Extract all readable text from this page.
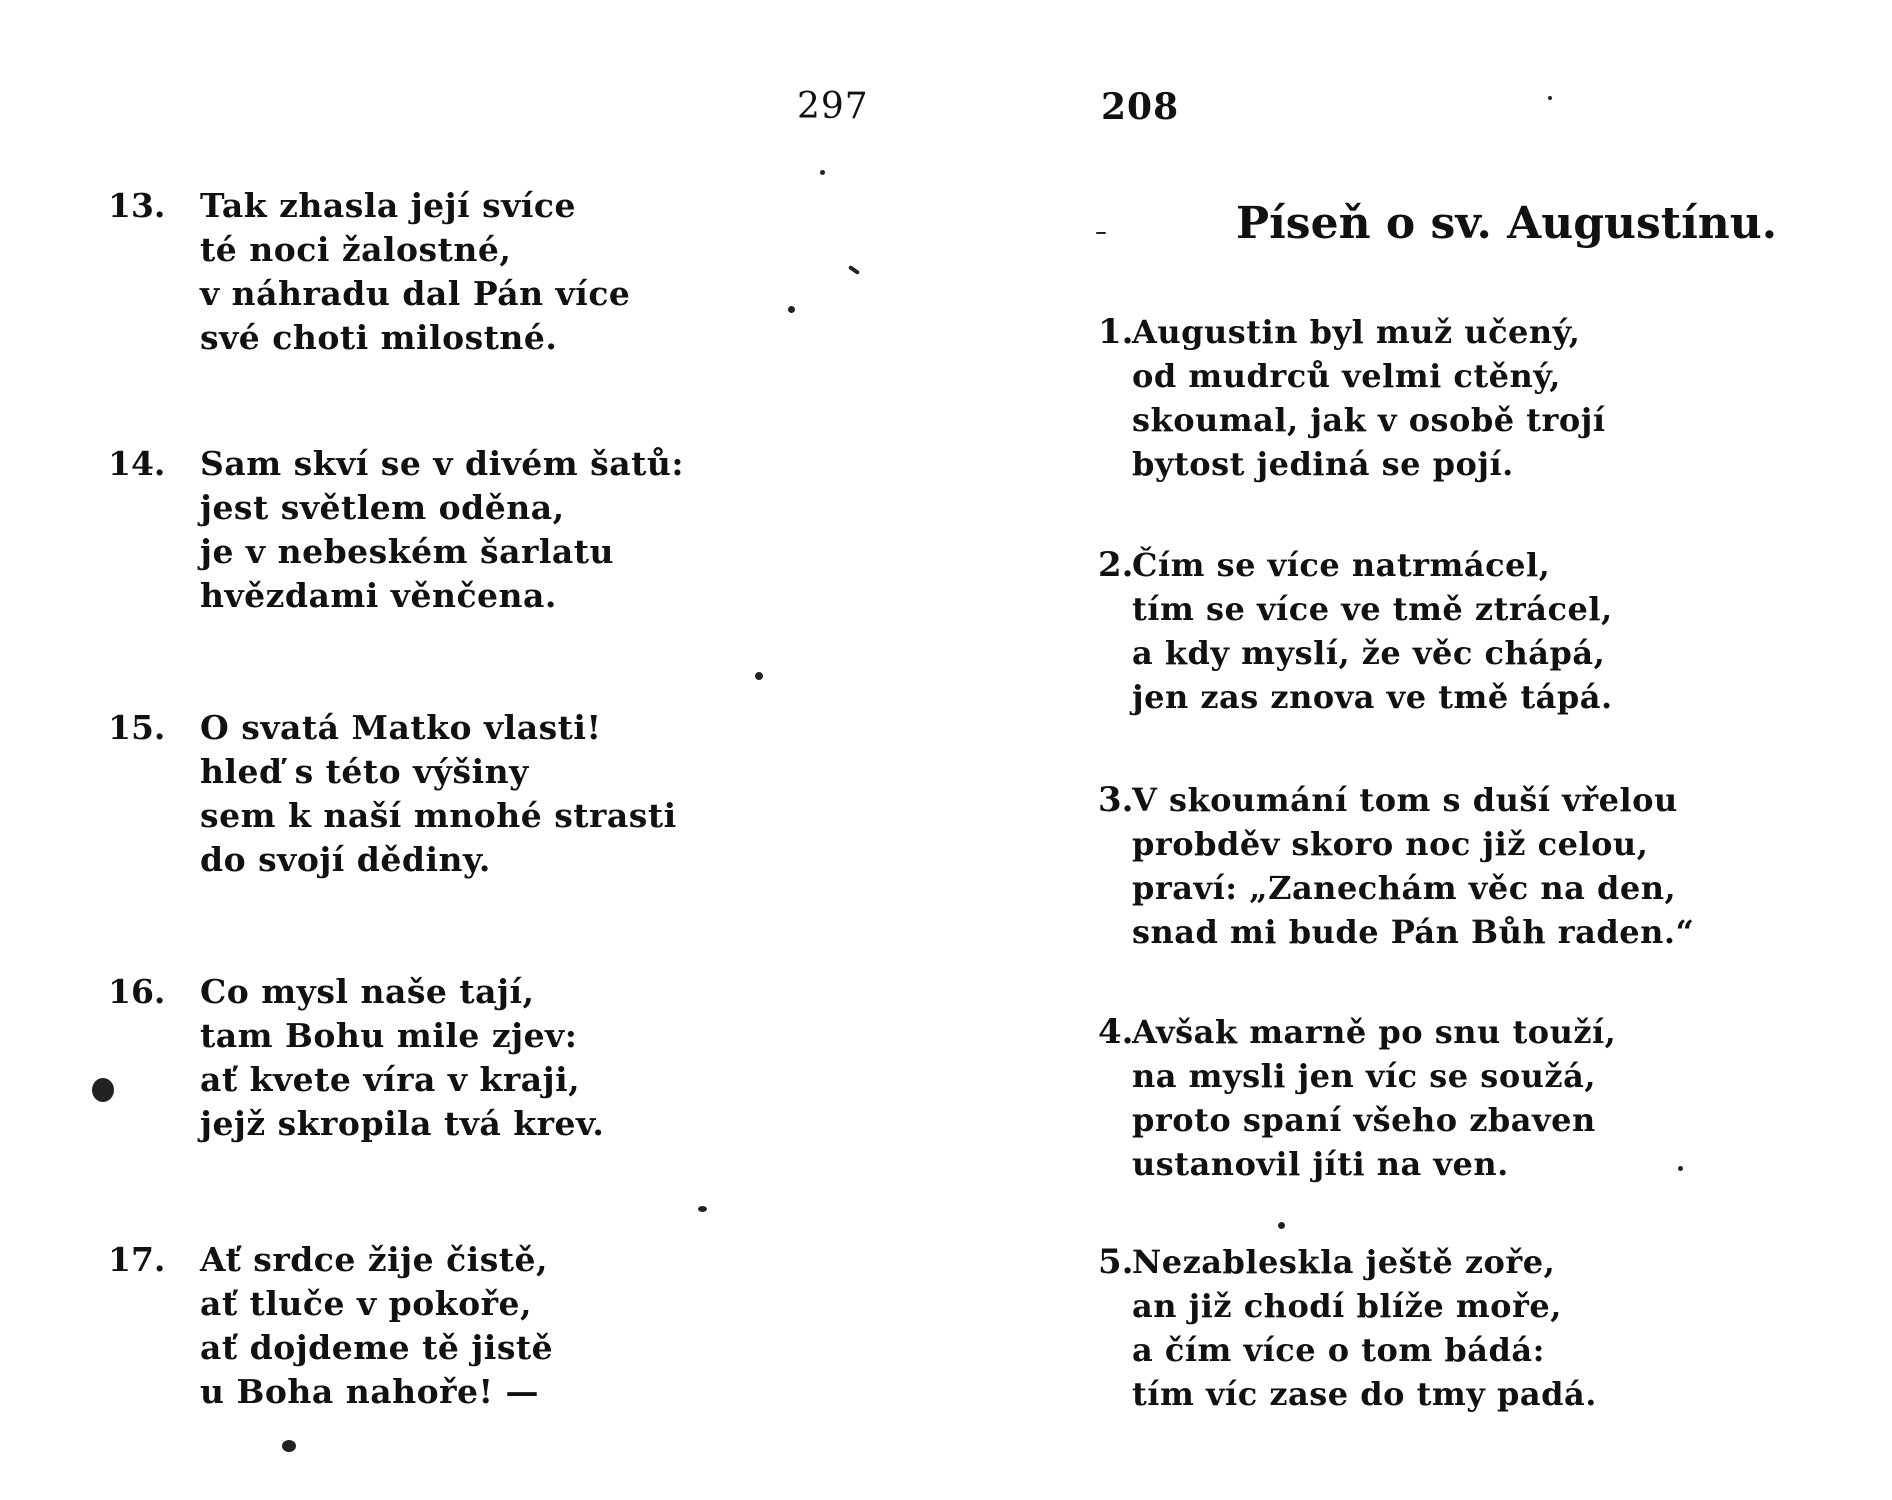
297
13.	Tak zhasla její svíce
té noci žalostné,
v náhradu dal Pán více
své choti milostné.
14.	Sam skví se v divém šatů:
jest světlem oděna,
je v nebeském šarlatu
hvězdami věnčena.
15.	O svatá Matko vlasti!
hleď s této výšiny
sem k naší mnohé strasti
do svojí dědiny.
16.	Co mysl naše tají,
tam Bohu mile zjev:
ať kvete víra v kraji,
jejž skropila tvá krev.
17.	Ať srdce žije čistě,
ať tluče v pokoře,
ať dojdeme tě jistě
u Boha nahoře! —
208
Píseň o sv. Augustínu.
1.
Augustin byl muž učený,
od mudrců velmi ctěný,
skoumal, jak v osobě trojí
bytost jediná se pojí.
2.
Čím se více natrmácel,
tím se více ve tmě ztrácel,
a kdy myslí, že věc chápá,
jen zas znova ve tmě tápá.
3.
V skoumání tom s duší vřelou
probděv skoro noc již celou,
praví: „Zanechám věc na den,
snad mi bude Pán Bůh raden.“
4.
Avšak marně po snu touží,
na mysli jen víc se soužá,
proto spaní všeho zbaven
ustanovil jíti na ven.
5.
Nezableskla ještě zoře,
an již chodí blíže moře,
a čím více o tom bádá:
tím víc zase do tmy padá.
